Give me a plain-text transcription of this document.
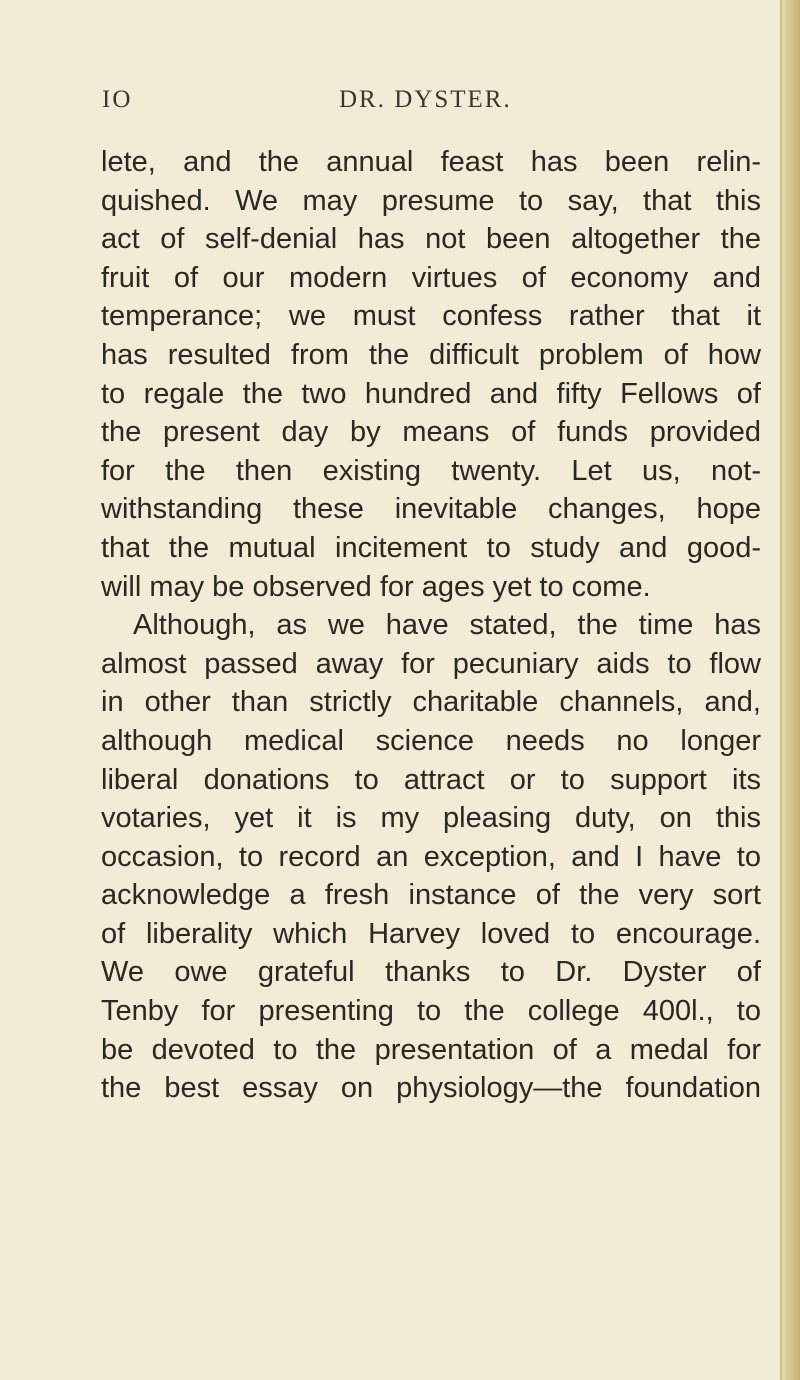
IO	DR. DYSTER.
lete, and the annual feast has been relin-
quished. We may presume to say, that this
act of self-denial has not been altogether the
fruit of our modern virtues of economy and
temperance; we must confess rather that it
has resulted from the difficult problem of how
to regale the two hundred and fifty Fellows of
the present day by means of funds provided
for the then existing twenty. Let us, not-
withstanding these inevitable changes, hope
that the mutual incitement to study and good-
will may be observed for ages yet to come.
Although, as we have stated, the time has
almost passed away for pecuniary aids to flow
in other than strictly charitable channels, and,
although medical science needs no longer
liberal donations to attract or to support its
votaries, yet it is my pleasing duty, on this
occasion, to record an exception, and I have to
acknowledge a fresh instance of the very sort
of liberality which Harvey loved to encourage.
We owe grateful thanks to Dr. Dyster of
Tenby for presenting to the college 400l., to
be devoted to the presentation of a medal for
the best essay on physiology—the foundation
